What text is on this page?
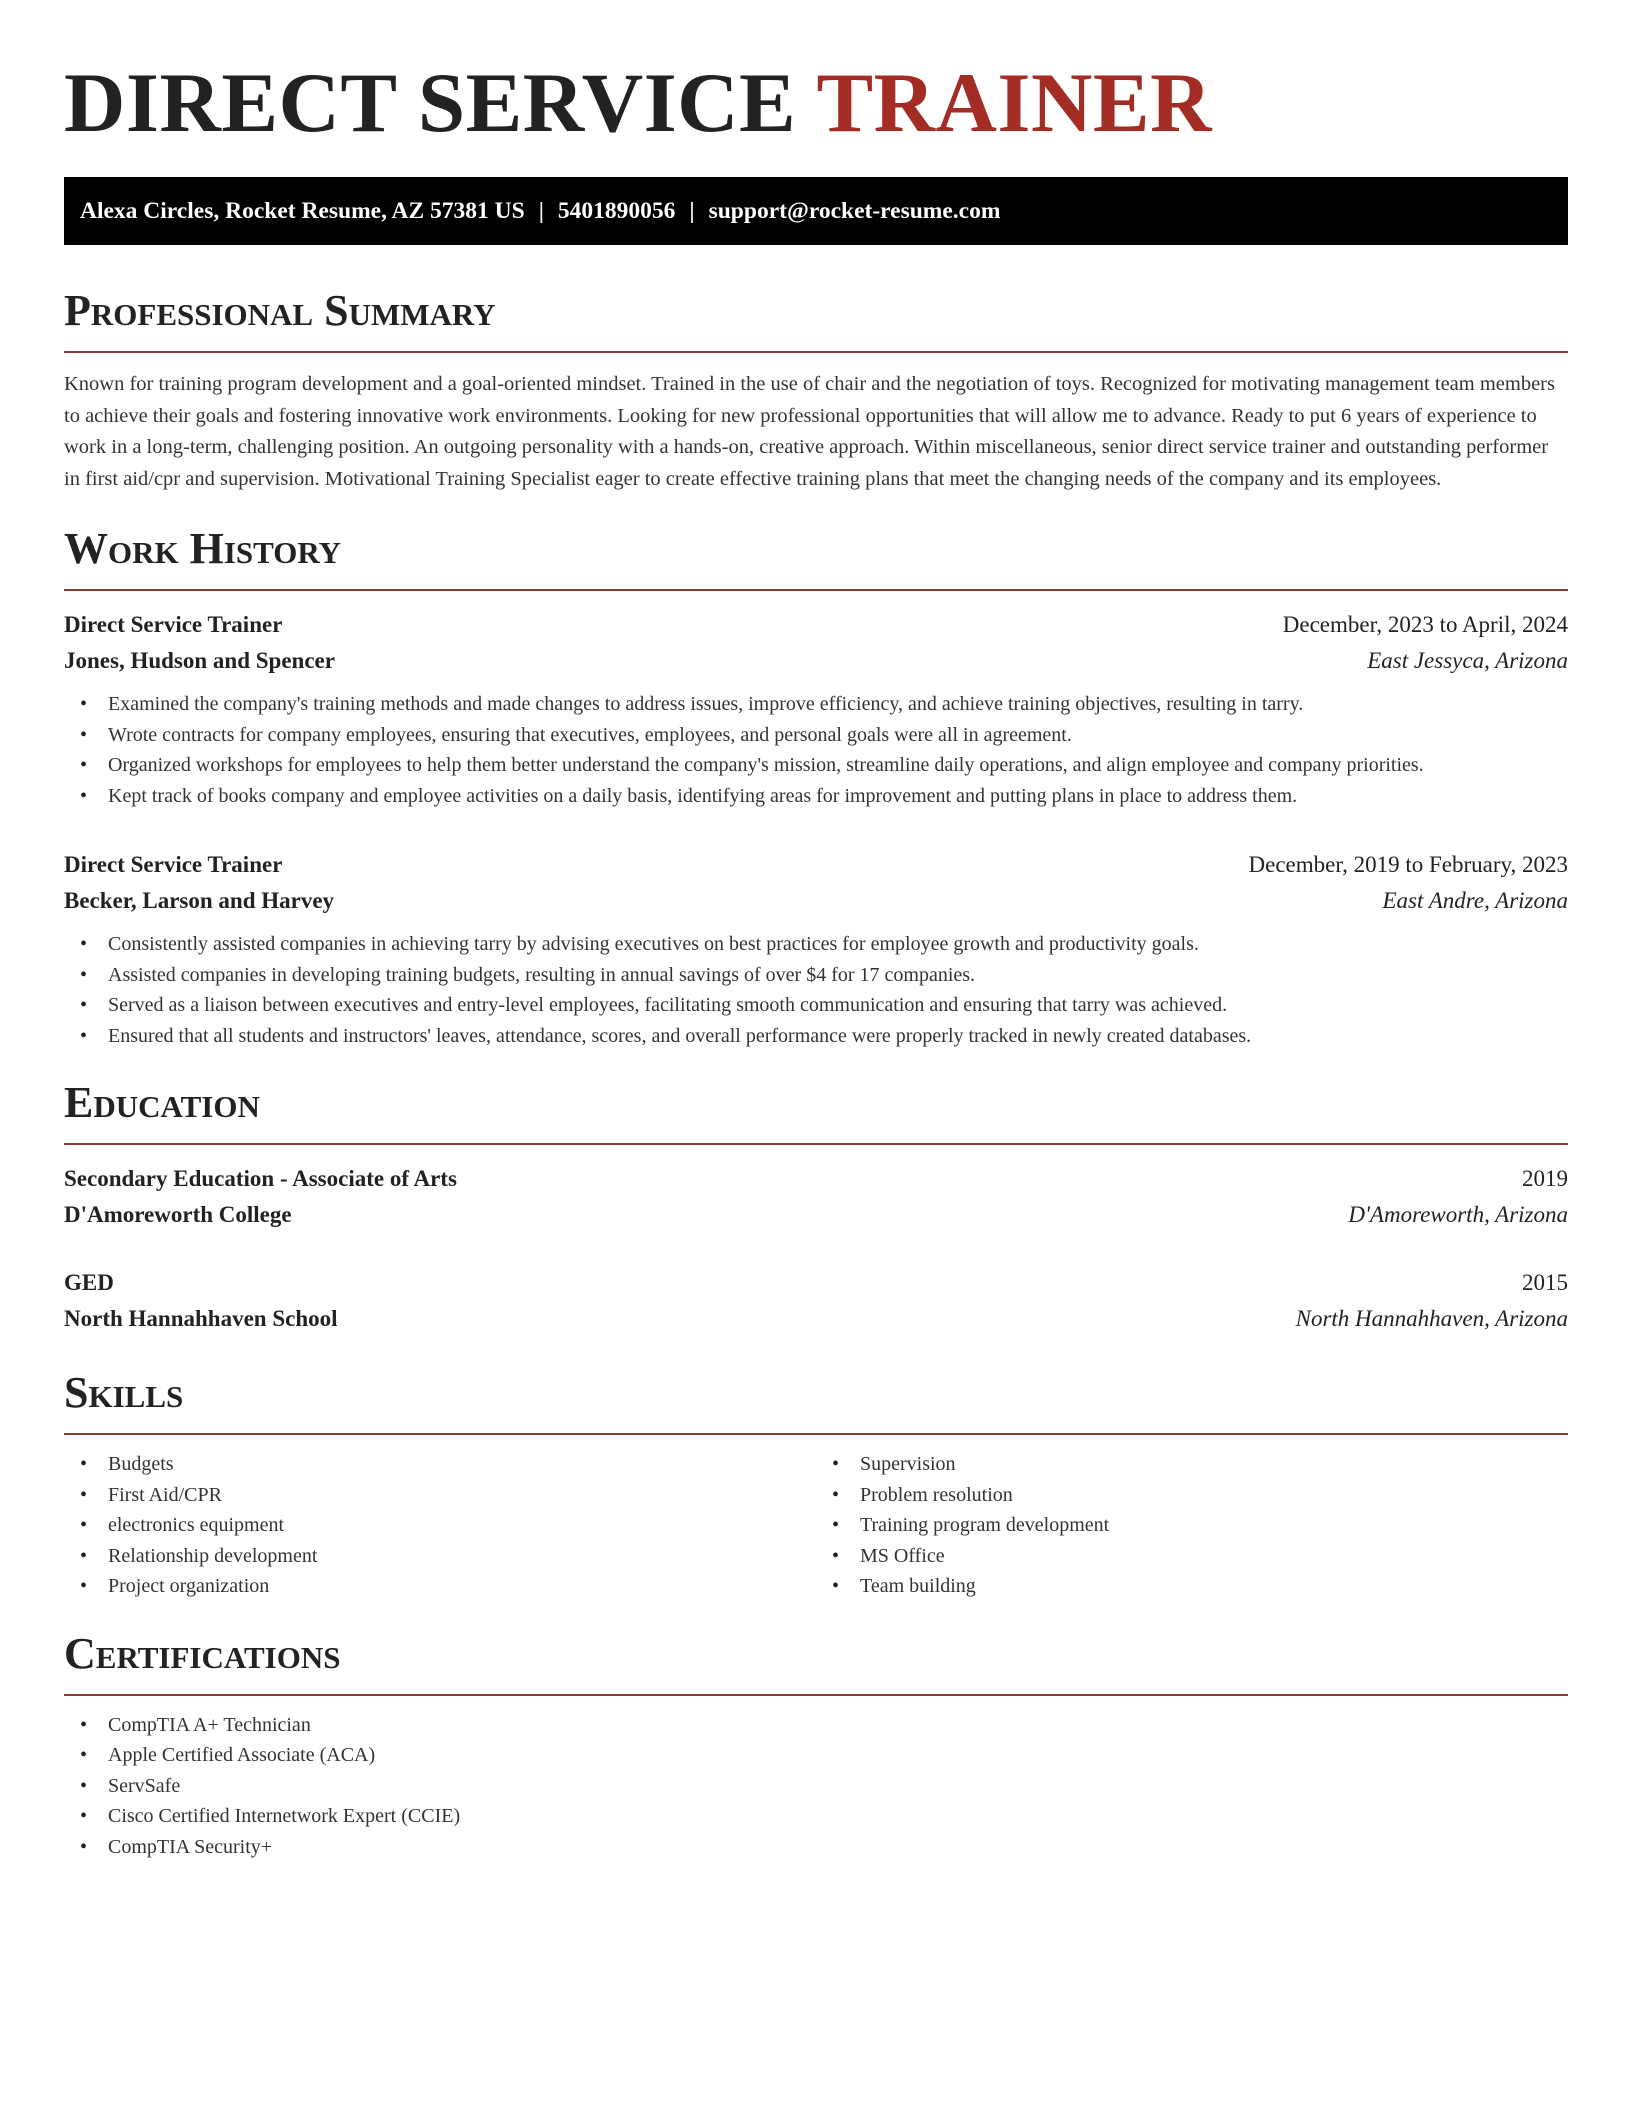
DIRECT SERVICE TRAINER
Alexa Circles, Rocket Resume, AZ 57381 US | 5401890056 | support@rocket-resume.com
Professional Summary

Known for training program development and a goal-oriented mindset. Trained in the use of chair and the negotiation of toys. Recognized for motivating management team members to achieve their goals and fostering innovative work environments. Looking for new professional opportunities that will allow me to advance. Ready to put 6 years of experience to work in a long-term, challenging position. An outgoing personality with a hands-on, creative approach. Within miscellaneous, senior direct service trainer and outstanding performer in first aid/cpr and supervision. Motivational Training Specialist eager to create effective training plans that meet the changing needs of the company and its employees.

Work History
Direct Service Trainer	December, 2023 to April, 2024
Jones, Hudson and Spencer	East Jessyca, Arizona
• Examined the company's training methods and made changes to address issues, improve efficiency, and achieve training objectives, resulting in tarry.
• Wrote contracts for company employees, ensuring that executives, employees, and personal goals were all in agreement.
• Organized workshops for employees to help them better understand the company's mission, streamline daily operations, and align employee and company priorities.
• Kept track of books company and employee activities on a daily basis, identifying areas for improvement and putting plans in place to address them.
Direct Service Trainer	December, 2019 to February, 2023
Becker, Larson and Harvey	East Andre, Arizona
• Consistently assisted companies in achieving tarry by advising executives on best practices for employee growth and productivity goals.
• Assisted companies in developing training budgets, resulting in annual savings of over $4 for 17 companies.
• Served as a liaison between executives and entry-level employees, facilitating smooth communication and ensuring that tarry was achieved.
• Ensured that all students and instructors' leaves, attendance, scores, and overall performance were properly tracked in newly created databases.
Education
Secondary Education - Associate of Arts	2019
D'Amoreworth College	D'Amoreworth, Arizona
GED	2015
North Hannahhaven School	North Hannahhaven, Arizona
Skills
• Budgets
• First Aid/CPR
• electronics equipment
• Relationship development
• Project organization
• Supervision
• Problem resolution
• Training program development
• MS Office
• Team building
Certifications
• CompTIA A+ Technician
• Apple Certified Associate (ACA)
• ServSafe
• Cisco Certified Internetwork Expert (CCIE)
• CompTIA Security+
